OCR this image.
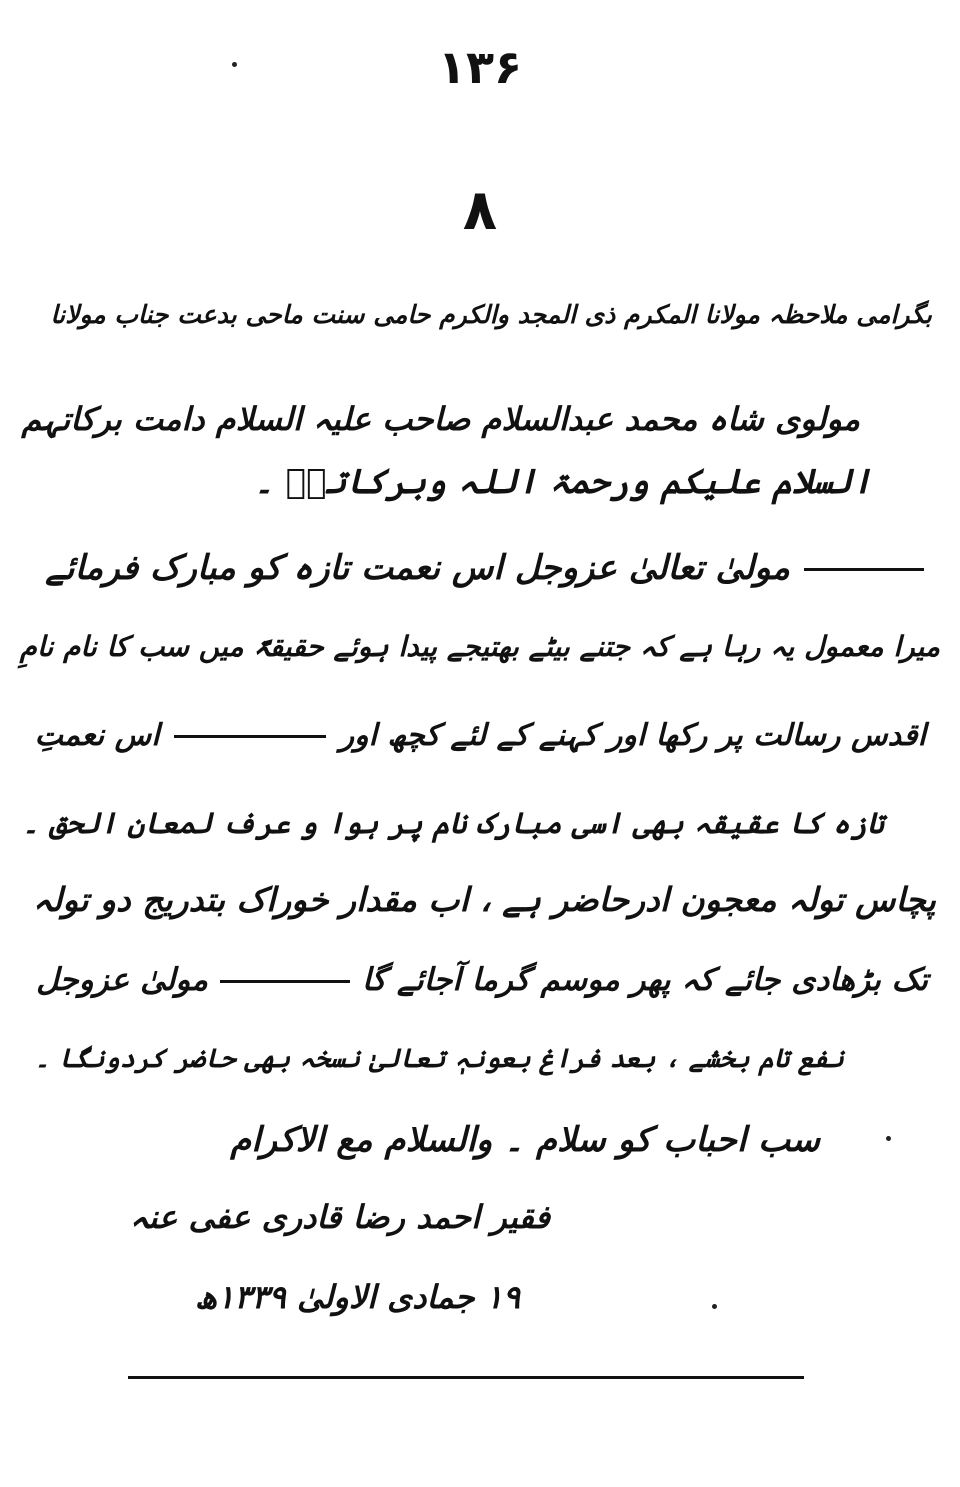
۱۳۶
۸
بگرامی ملاحظہ مولانا المکرم ذی المجد والکرم حامی سنت ماحی بدعت جناب مولانا
مولوی شاہ محمد عبدالسلام صاحب علیہ السلام دامت برکاتہم
السلام علیکم ورحمۃ اللہ وبرکاتہٗ ۔
مولیٰ تعالیٰ عزوجل اس نعمت تازہ کو مبارک فرمائے
میرا معمول یہ رہا ہے کہ جتنے بیٹے بھتیجے پیدا ہوئے حقیقۃً میں سب کا نام نامِ
اقدس رسالت پر رکھا اور کہنے کے لئے کچھ اوراس نعمتِ
تازہ کا عقیقہ بھی اسی مبارک نام پر ہوا و عرف لمعان الحق ۔
پچاس تولہ معجون ادرحاضر ہے ، اب مقدار خوراک بتدریج دو تولہ
تک بڑھادی جائے کہ پھر موسم گرما آجائے گامولیٰ عزوجل
نفع تام بخشے ، بعد فراغ بعونہٖ تعالیٰ نسخہ بھی حاضر کردونگا ۔
سب احباب کو سلام ۔ والسلام مع الاکرام
فقیر احمد رضا قادری عفی عنہ
۱۹ جمادی الاولیٰ ۱۳۳۹ھ
